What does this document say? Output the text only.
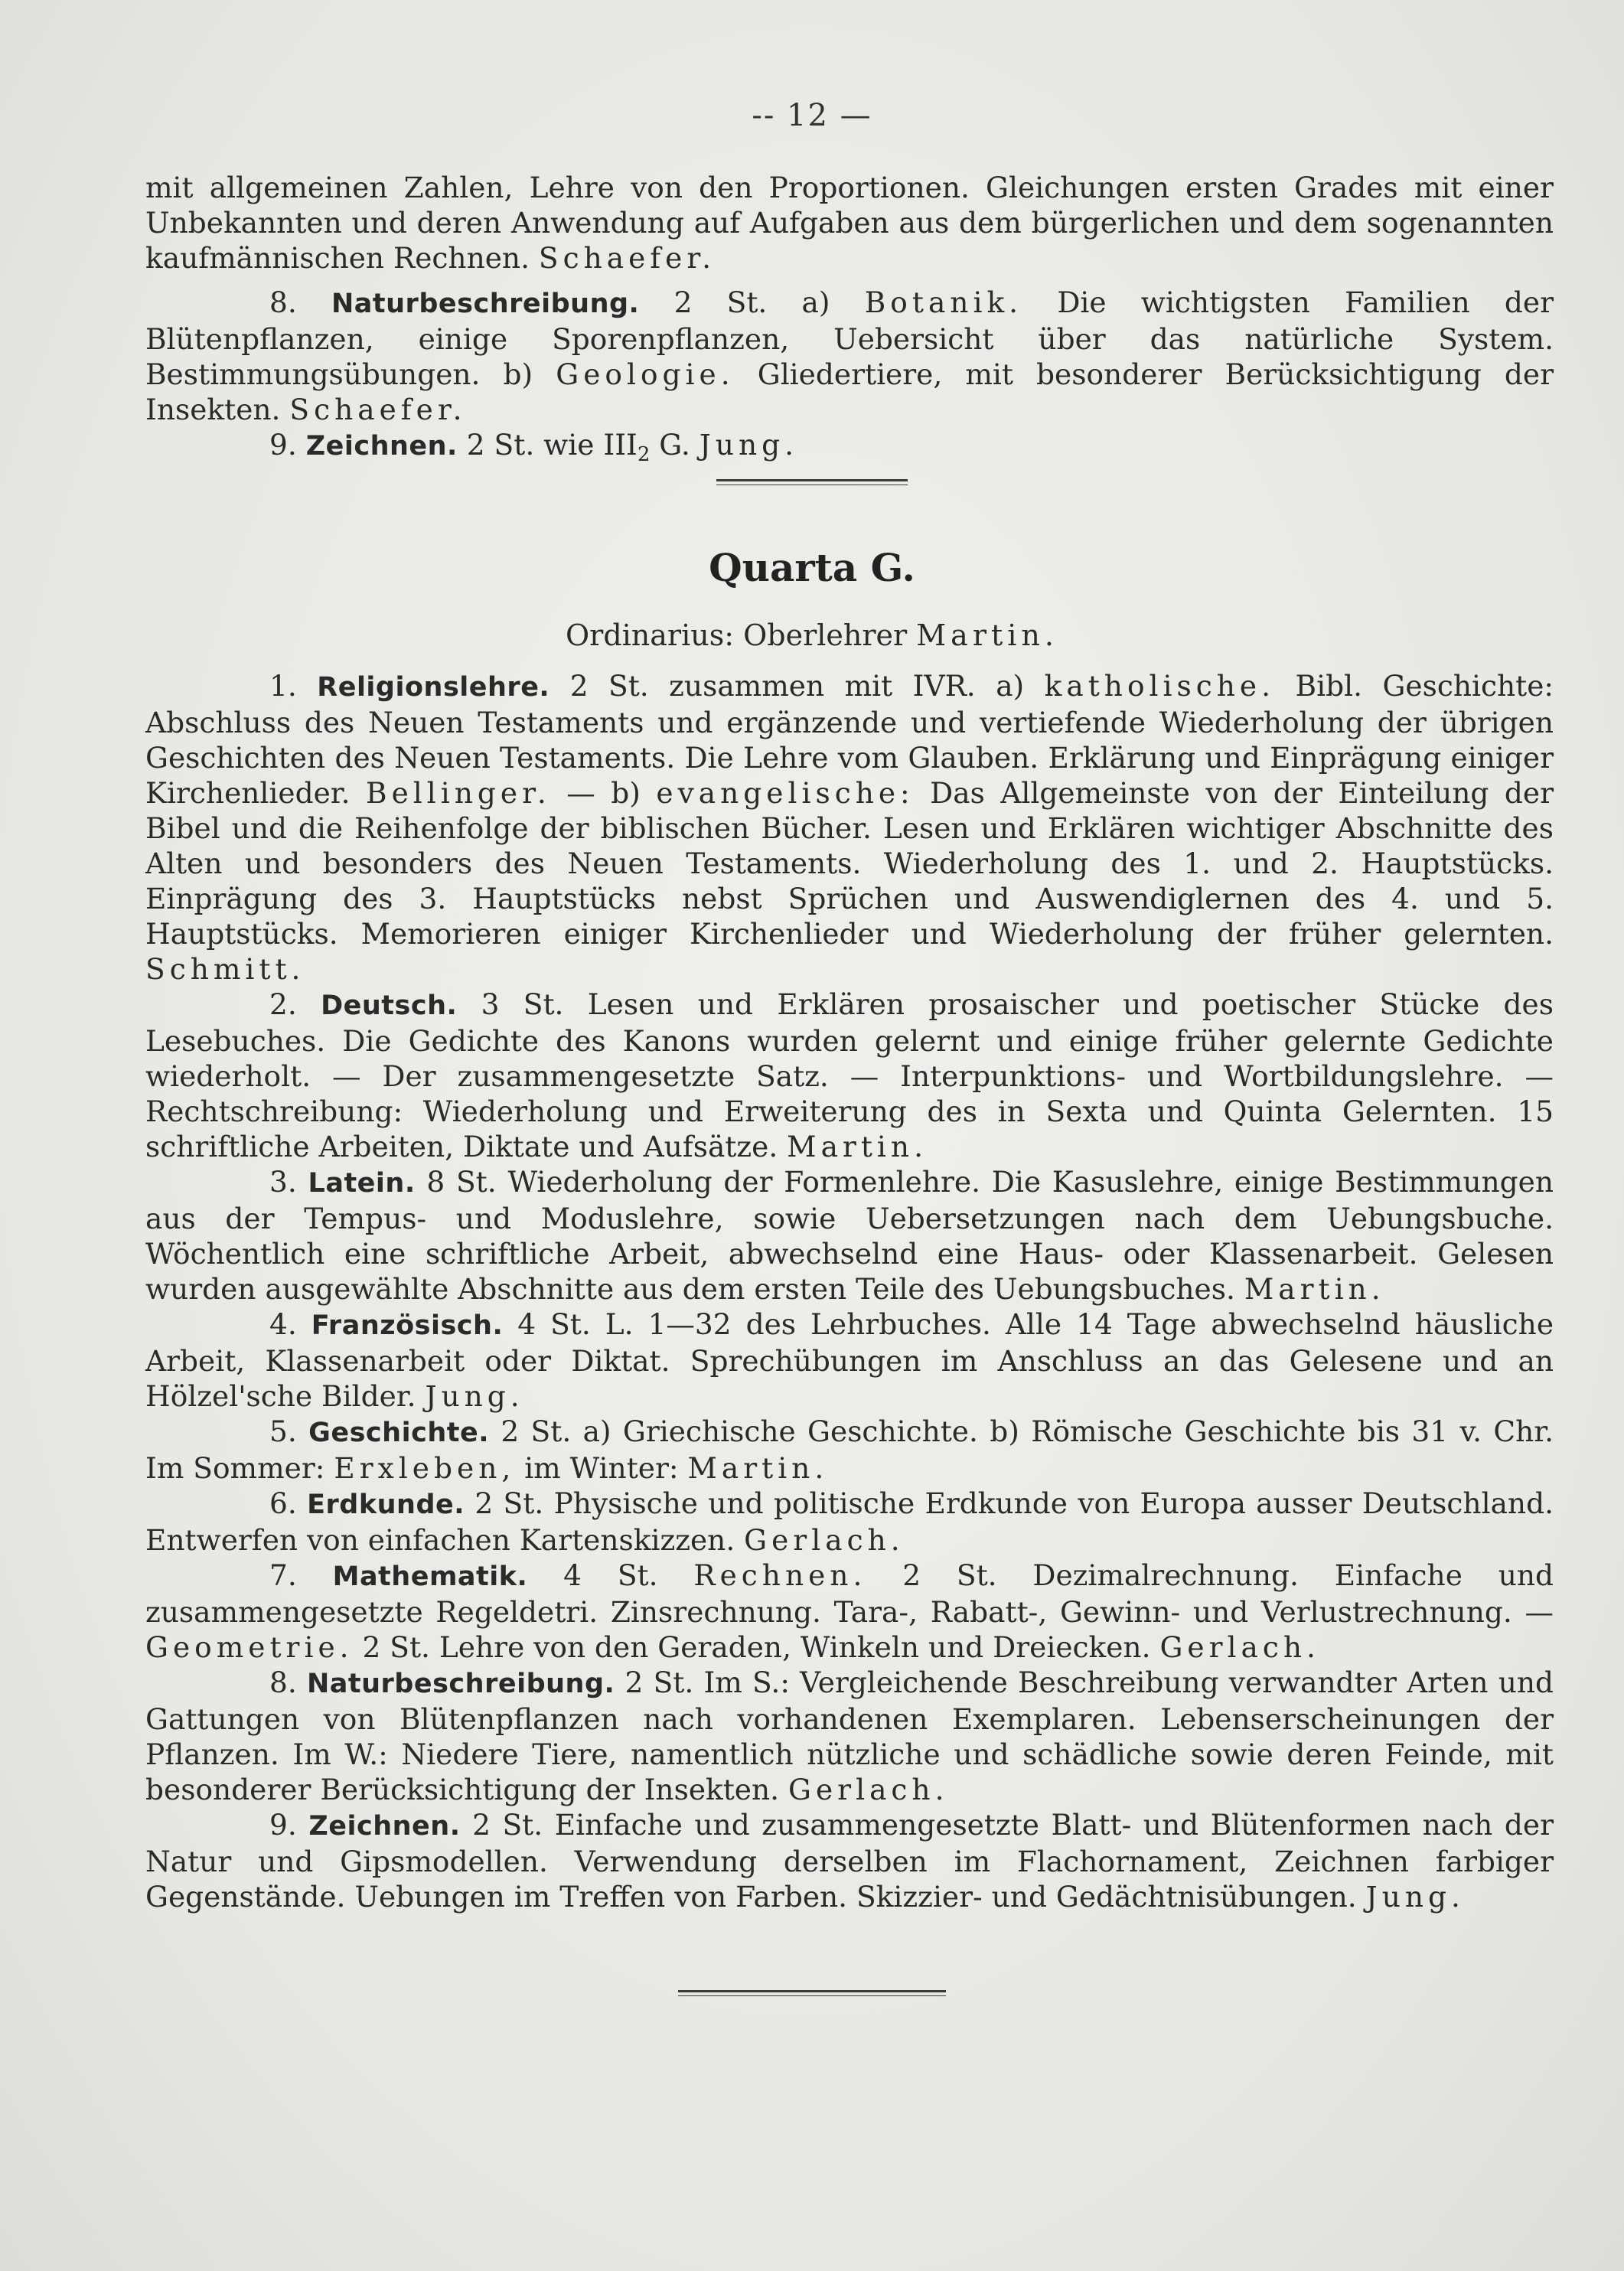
-- 12 —

mit allgemeinen Zahlen, Lehre von den Proportionen. Gleichungen ersten Grades mit einer Unbekannten und deren Anwendung auf Aufgaben aus dem bürgerlichen und dem sogenannten kaufmännischen Rechnen. Schaefer.

8. Naturbeschreibung. 2 St. a) Botanik. Die wichtigsten Familien der Blütenpflanzen, einige Sporenpflanzen, Uebersicht über das natürliche System. Bestimmungsübungen. b) Geologie. Gliedertiere, mit besonderer Berücksichtigung der Insekten. Schaefer.

9. Zeichnen. 2 St. wie $III_2$ G. Jung.

Quarta G.
Ordinarius: Oberlehrer Martin.

1. Religionslehre. 2 St. zusammen mit IVR. a) katholische. Bibl. Geschichte: Abschluss des Neuen Testaments und ergänzende und vertiefende Wiederholung der übrigen Geschichten des Neuen Testaments. Die Lehre vom Glauben. Erklärung und Einprägung einiger Kirchenlieder. Bellinger. — b) evangelische: Das Allgemeinste von der Einteilung der Bibel und die Reihenfolge der biblischen Bücher. Lesen und Erklären wichtiger Abschnitte des Alten und besonders des Neuen Testaments. Wiederholung des 1. und 2. Hauptstücks. Einprägung des 3. Hauptstücks nebst Sprüchen und Auswendiglernen des 4. und 5. Hauptstücks. Memorieren einiger Kirchenlieder und Wiederholung der früher gelernten. Schmitt.

2. Deutsch. 3 St. Lesen und Erklären prosaischer und poetischer Stücke des Lesebuches. Die Gedichte des Kanons wurden gelernt und einige früher gelernte Gedichte wiederholt. — Der zusammengesetzte Satz. — Interpunktions- und Wortbildungslehre. — Rechtschreibung: Wiederholung und Erweiterung des in Sexta und Quinta Gelernten. 15 schriftliche Arbeiten, Diktate und Aufsätze. Martin.

3. Latein. 8 St. Wiederholung der Formenlehre. Die Kasuslehre, einige Bestimmungen aus der Tempus- und Moduslehre, sowie Uebersetzungen nach dem Uebungsbuche. Wöchentlich eine schriftliche Arbeit, abwechselnd eine Haus- oder Klassenarbeit. Gelesen wurden ausgewählte Abschnitte aus dem ersten Teile des Uebungsbuches. Martin.

4. Französisch. 4 St. L. 1—32 des Lehrbuches. Alle 14 Tage abwechselnd häusliche Arbeit, Klassenarbeit oder Diktat. Sprechübungen im Anschluss an das Gelesene und an Hölzel'sche Bilder. Jung.

5. Geschichte. 2 St. a) Griechische Geschichte. b) Römische Geschichte bis 31 v. Chr. Im Sommer: Erxleben, im Winter: Martin.

6. Erdkunde. 2 St. Physische und politische Erdkunde von Europa ausser Deutschland. Entwerfen von einfachen Kartenskizzen. Gerlach.

7. Mathematik. 4 St. Rechnen. 2 St. Dezimalrechnung. Einfache und zusammengesetzte Regeldetri. Zinsrechnung. Tara-, Rabatt-, Gewinn- und Verlustrechnung. — Geometrie. 2 St. Lehre von den Geraden, Winkeln und Dreiecken. Gerlach.

8. Naturbeschreibung. 2 St. Im S.: Vergleichende Beschreibung verwandter Arten und Gattungen von Blütenpflanzen nach vorhandenen Exemplaren. Lebenserscheinungen der Pflanzen. Im W.: Niedere Tiere, namentlich nützliche und schädliche sowie deren Feinde, mit besonderer Berücksichtigung der Insekten. Gerlach.

9. Zeichnen. 2 St. Einfache und zusammengesetzte Blatt- und Blütenformen nach der Natur und Gipsmodellen. Verwendung derselben im Flachornament, Zeichnen farbiger Gegenstände. Uebungen im Treffen von Farben. Skizzier- und Gedächtnisübungen. Jung.
